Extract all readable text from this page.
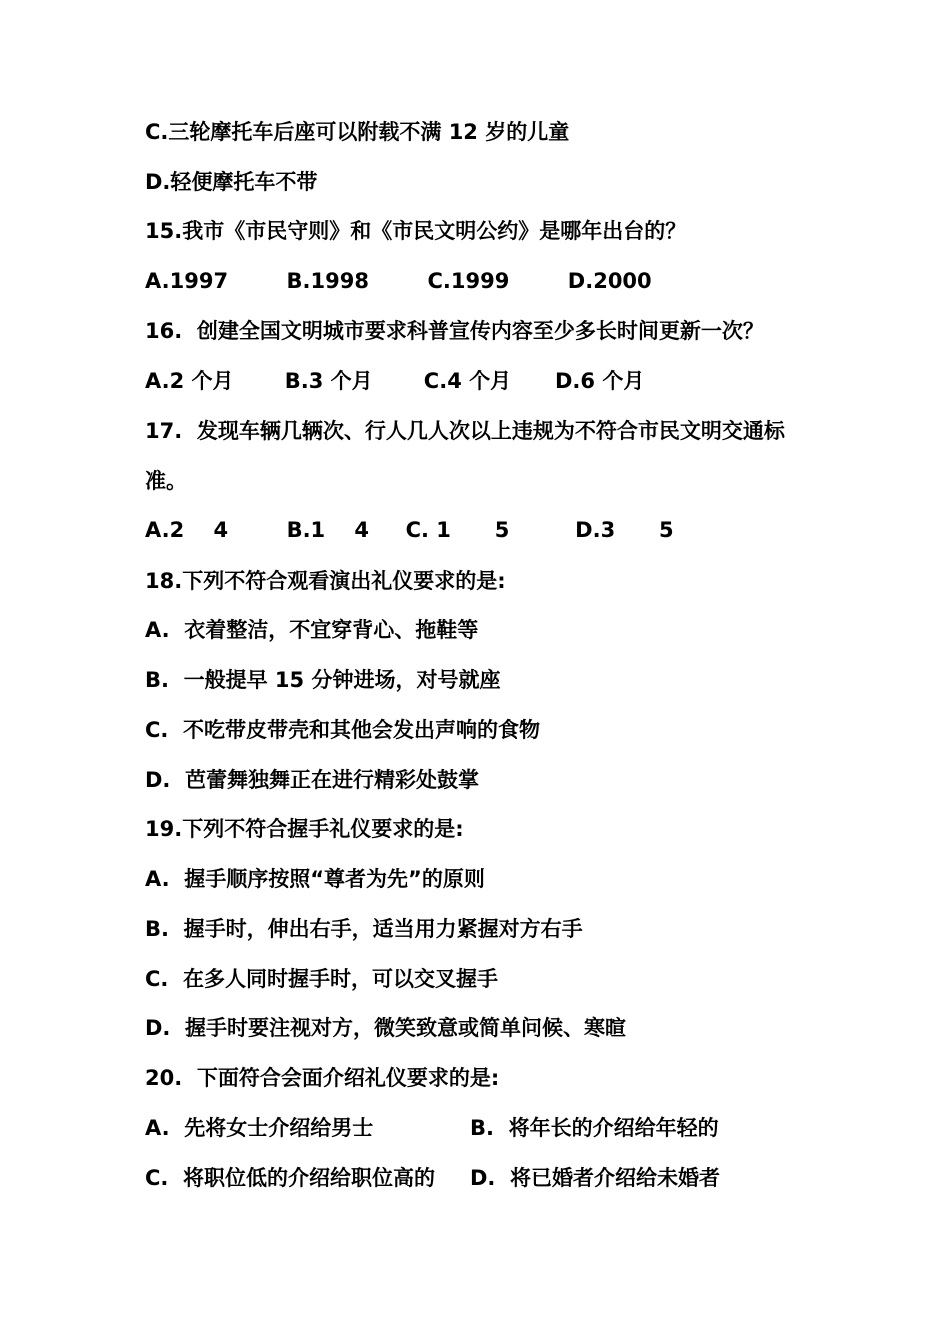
C.三轮摩托车后座可以附载不满 12 岁的儿童
D.轻便摩托车不带
15.我市《市民守则》和《市民文明公约》是哪年出台的？
A.1997        B.1998        C.1999        D.2000
16.  创建全国文明城市要求科普宣传内容至少多长时间更新一次？
A.2 个月       B.3 个月       C.4 个月      D.6 个月
17.  发现车辆几辆次、行人几人次以上违规为不符合市民文明交通标
准。
A.2    4        B.1    4     C. 1      5         D.3      5
18.下列不符合观看演出礼仪要求的是:
A.  衣着整洁，不宜穿背心、拖鞋等
B.  一般提早 15 分钟进场，对号就座
C.  不吃带皮带壳和其他会发出声响的食物
D.  芭蕾舞独舞正在进行精彩处鼓掌
19.下列不符合握手礼仪要求的是:
A.  握手顺序按照“尊者为先”的原则
B.  握手时，伸出右手，适当用力紧握对方右手
C.  在多人同时握手时，可以交叉握手
D.  握手时要注视对方，微笑致意或简单问候、寒暄
20.  下面符合会面介绍礼仪要求的是:
A.  先将女士介绍给男士	B.  将年长的介绍给年轻的
C.  将职位低的介绍给职位高的 D.  将已婚者介绍给未婚者
